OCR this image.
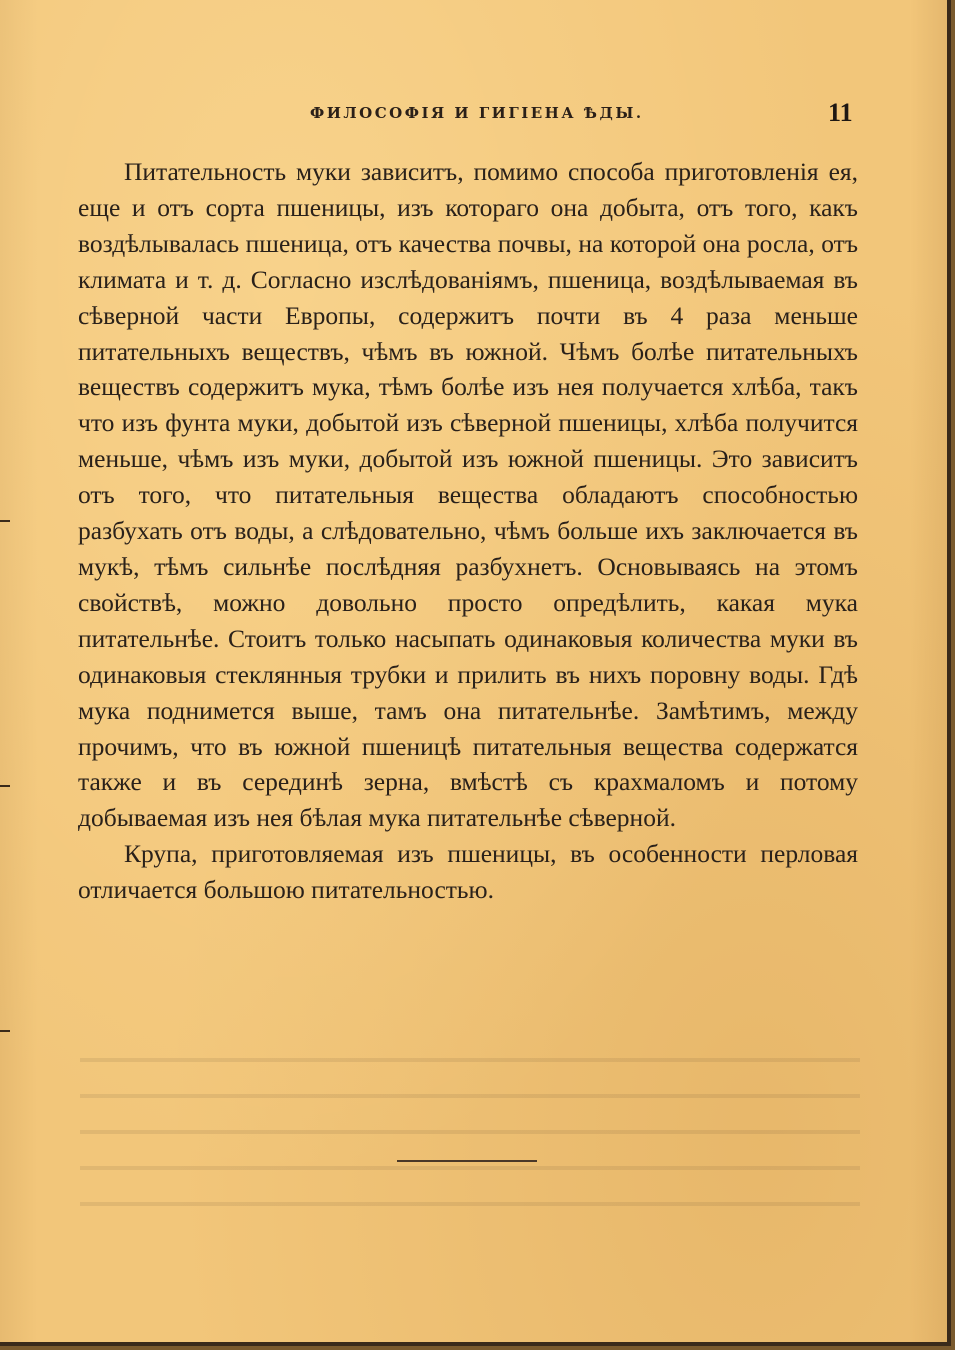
ФИЛОСОФІЯ И ГИГІЕНА ѢДЫ.	11

Питательность муки зависитъ, помимо способа приготовленія ея, еще и отъ сорта пшеницы, изъ котораго она добыта, отъ того, какъ воздѣлывалась пшеница, отъ качества почвы, на которой она росла, отъ климата и т. д. Согласно изслѣдованіямъ, пшеница, воздѣлываемая въ сѣверной части Европы, содержитъ почти въ 4 раза меньше питательныхъ веществъ, чѣмъ въ южной. Чѣмъ болѣе питательныхъ веществъ содержитъ мука, тѣмъ болѣе изъ нея получается хлѣба, такъ что изъ фунта муки, добытой изъ сѣверной пшеницы, хлѣба получится меньше, чѣмъ изъ муки, добытой изъ южной пшеницы. Это зависитъ отъ того, что питательныя вещества обладаютъ способностью разбухать отъ воды, а слѣдовательно, чѣмъ больше ихъ заключается въ мукѣ, тѣмъ сильнѣе послѣдняя разбухнетъ. Основываясь на этомъ свойствѣ, можно довольно просто опредѣлить, какая мука питательнѣе. Стоитъ только насыпать одинаковыя количества муки въ одинаковыя стеклянныя трубки и прилить въ нихъ поровну воды. Гдѣ мука поднимется выше, тамъ она питательнѣе. Замѣтимъ, между прочимъ, что въ южной пшеницѣ питательныя вещества содержатся также и въ серединѣ зерна, вмѣстѣ съ крахмаломъ и потому добываемая изъ нея бѣлая мука питательнѣе сѣверной.

Крупа, приготовляемая изъ пшеницы, въ особенности перловая отличается большою питательностью.
